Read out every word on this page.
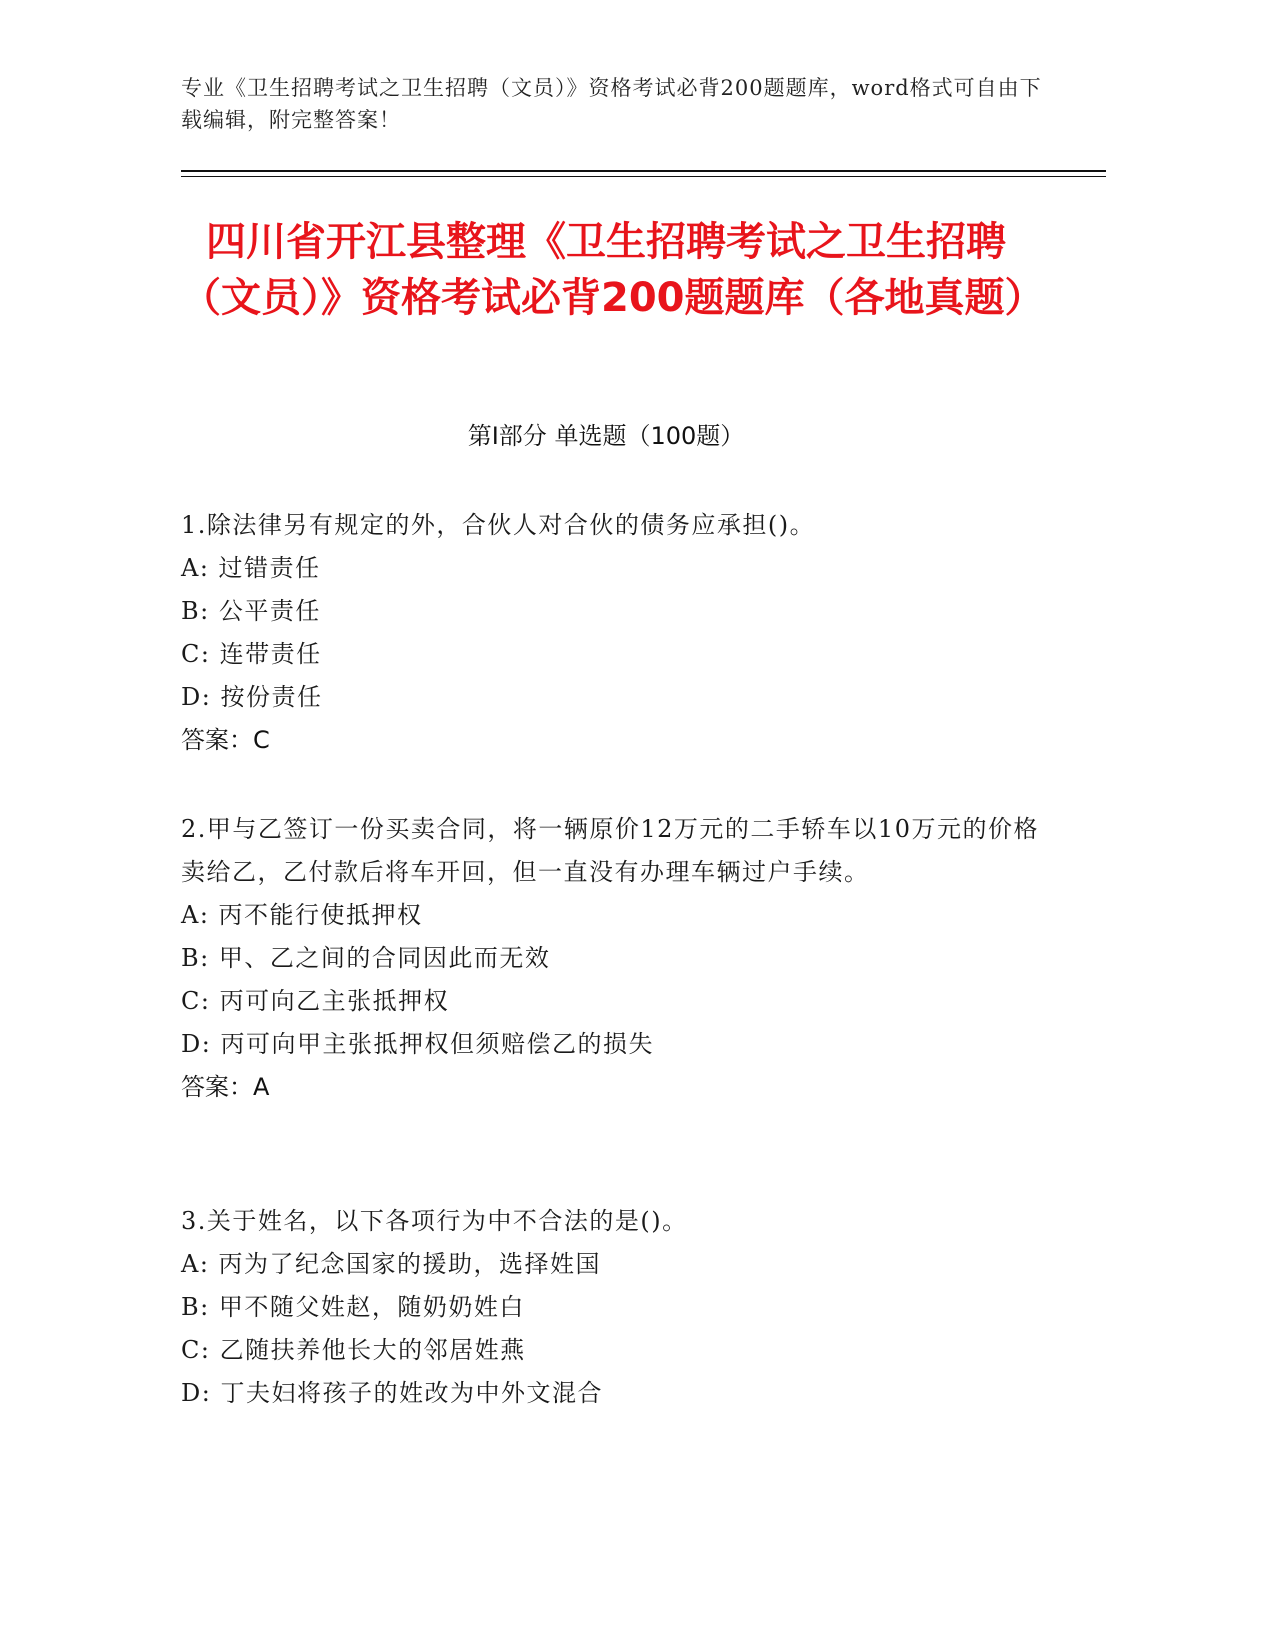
专业《卫生招聘考试之卫生招聘（文员）》资格考试必背200题题库，word格式可自由下载编辑，附完整答案！
四川省开江县整理《卫生招聘考试之卫生招聘（文员）》资格考试必背200题题库（各地真题）
第I部分 单选题（100题）

1.除法律另有规定的外，合伙人对合伙的债务应承担()。

A: 过错责任

B: 公平责任

C: 连带责任

D: 按份责任

答案：C

2.甲与乙签订一份买卖合同，将一辆原价12万元的二手轿车以10万元的价格卖给乙，乙付款后将车开回，但一直没有办理车辆过户手续。

A: 丙不能行使抵押权

B: 甲、乙之间的合同因此而无效

C: 丙可向乙主张抵押权

D: 丙可向甲主张抵押权但须赔偿乙的损失

答案：A

3.关于姓名，以下各项行为中不合法的是()。

A: 丙为了纪念国家的援助，选择姓国

B: 甲不随父姓赵，随奶奶姓白

C: 乙随扶养他长大的邻居姓燕

D: 丁夫妇将孩子的姓改为中外文混合
